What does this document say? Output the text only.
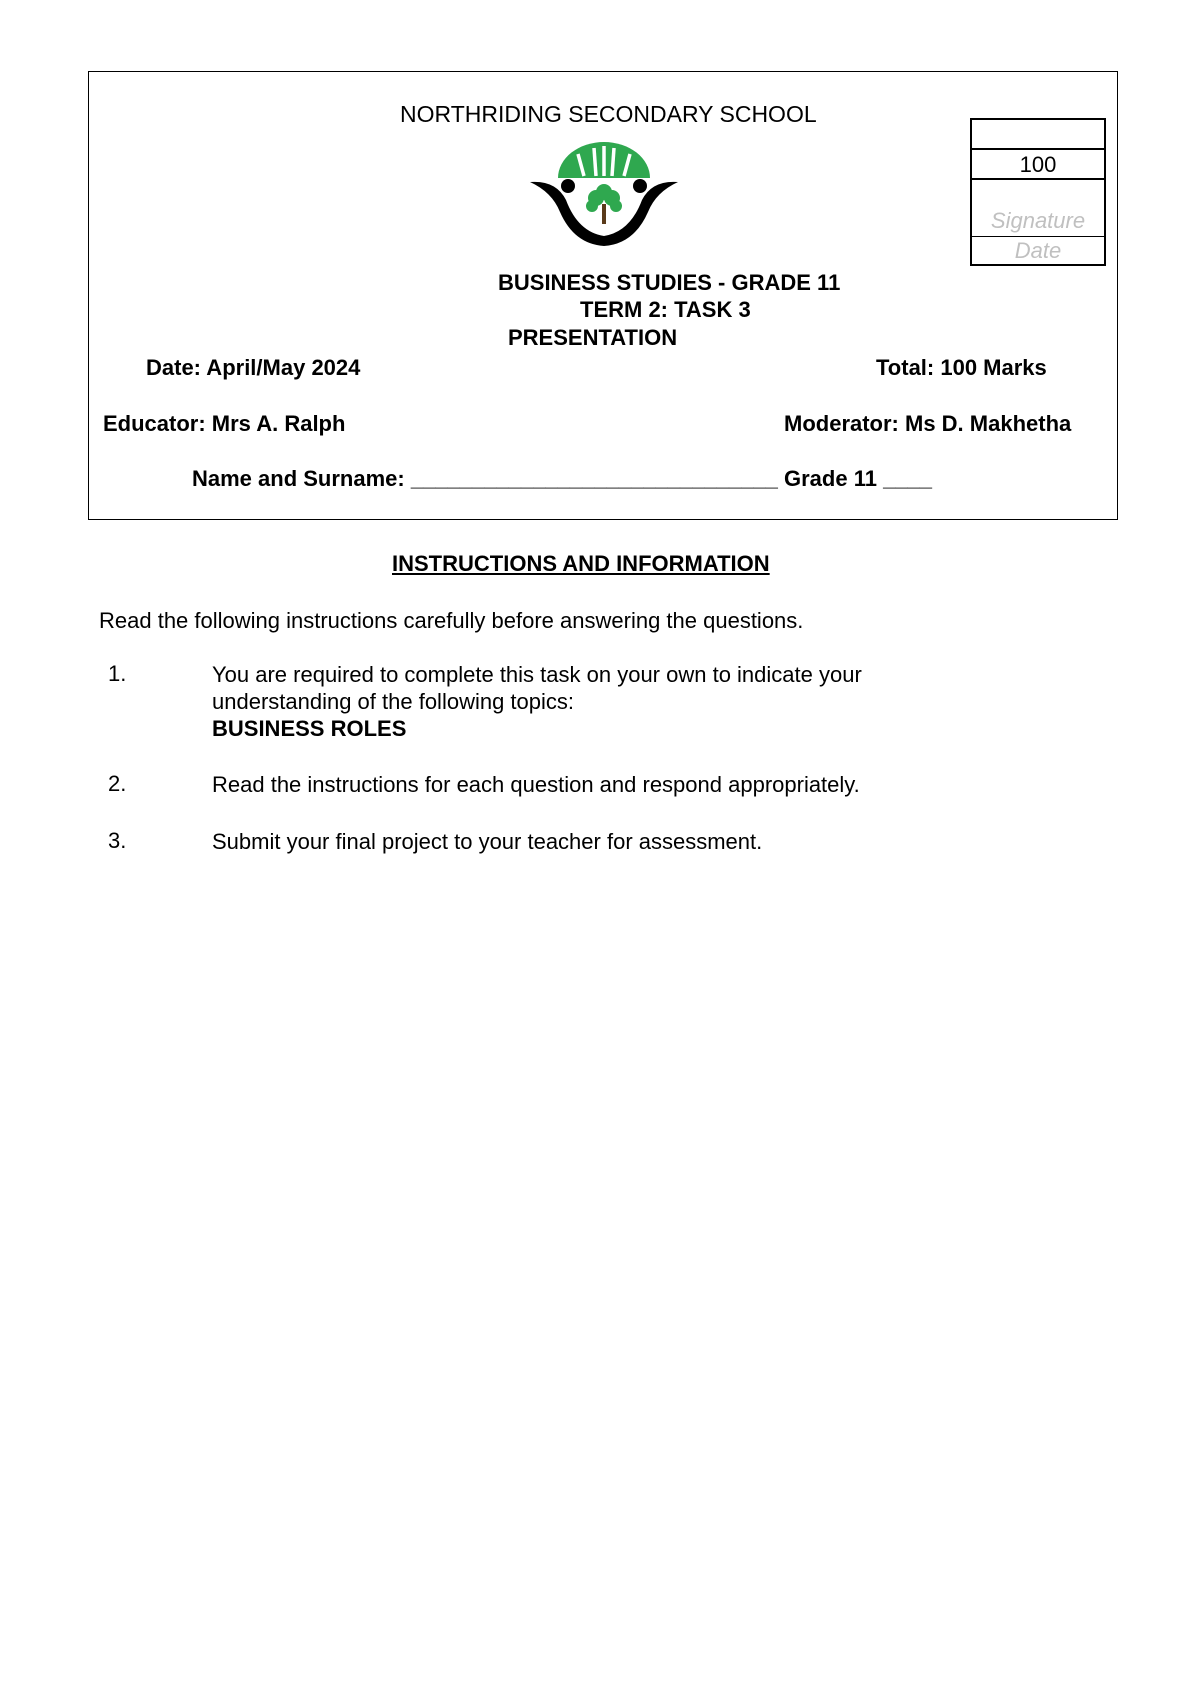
NORTHRIDING SECONDARY SCHOOL
100
Signature
Date
BUSINESS STUDIES - GRADE 11
TERM 2: TASK 3
PRESENTATION
Date: April/May 2024	Total: 100 Marks
Educator: Mrs A. Ralph	Moderator: Ms D. Makhetha
Name and Surname: ______________________________ Grade 11 ____
INSTRUCTIONS AND INFORMATION
Read the following instructions carefully before answering the questions.
1.	You are required to complete this task on your own to indicate your
understanding of the following topics:
BUSINESS ROLES
2.	Read the instructions for each question and respond appropriately.
3.	Submit your final project to your teacher for assessment.
